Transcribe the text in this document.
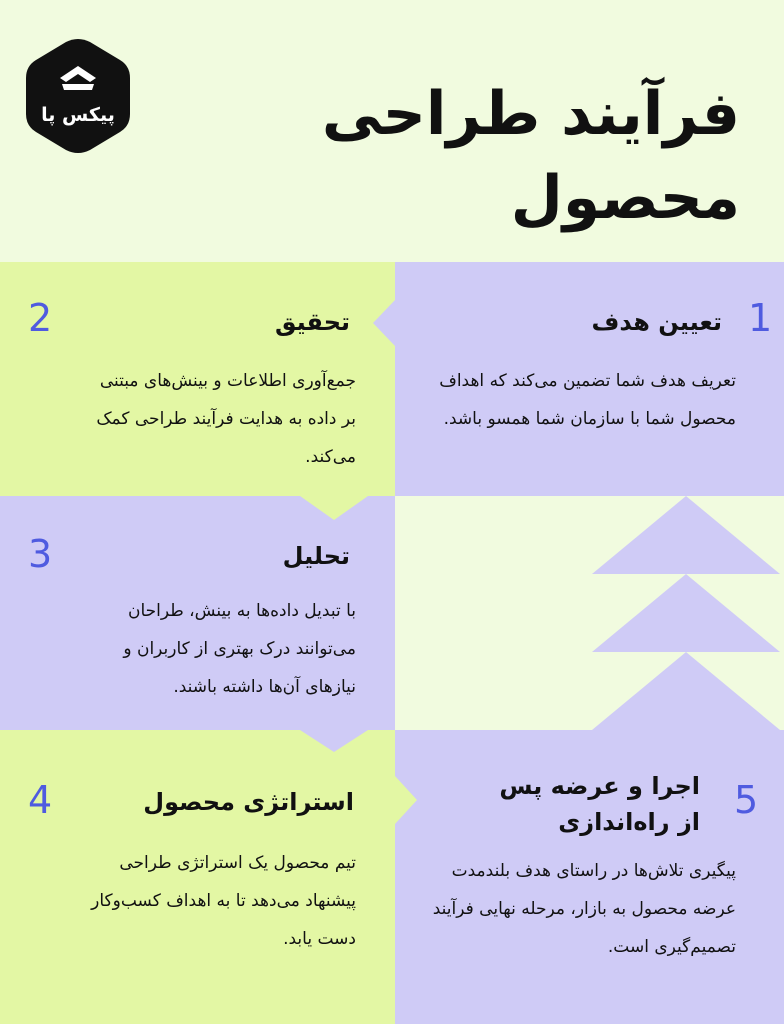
پیکس پا	فرآیند طراحی
محصول
1
تعیین هدف
تعریف هدف شما تضمین می‌کند که اهداف محصول شما با سازمان شما همسو باشد.
2	تحقیق
جمع‌آوری اطلاعات و بینش‌های مبتنی بر داده به هدایت فرآیند طراحی کمک می‌کند.
3	تحلیل
با تبدیل داده‌ها به بینش، طراحان می‌توانند درک بهتری از کاربران و نیازهای آن‌ها داشته باشند.
4	استراتژی محصول
تیم محصول یک استراتژی طراحی پیشنهاد می‌دهد تا به اهداف کسب‌وکار دست یابد.
5
اجرا و عرضه پس از راه‌اندازی
پیگیری تلاش‌ها در راستای هدف بلندمدت عرضه محصول به بازار، مرحله نهایی فرآیند تصمیم‌گیری است.
